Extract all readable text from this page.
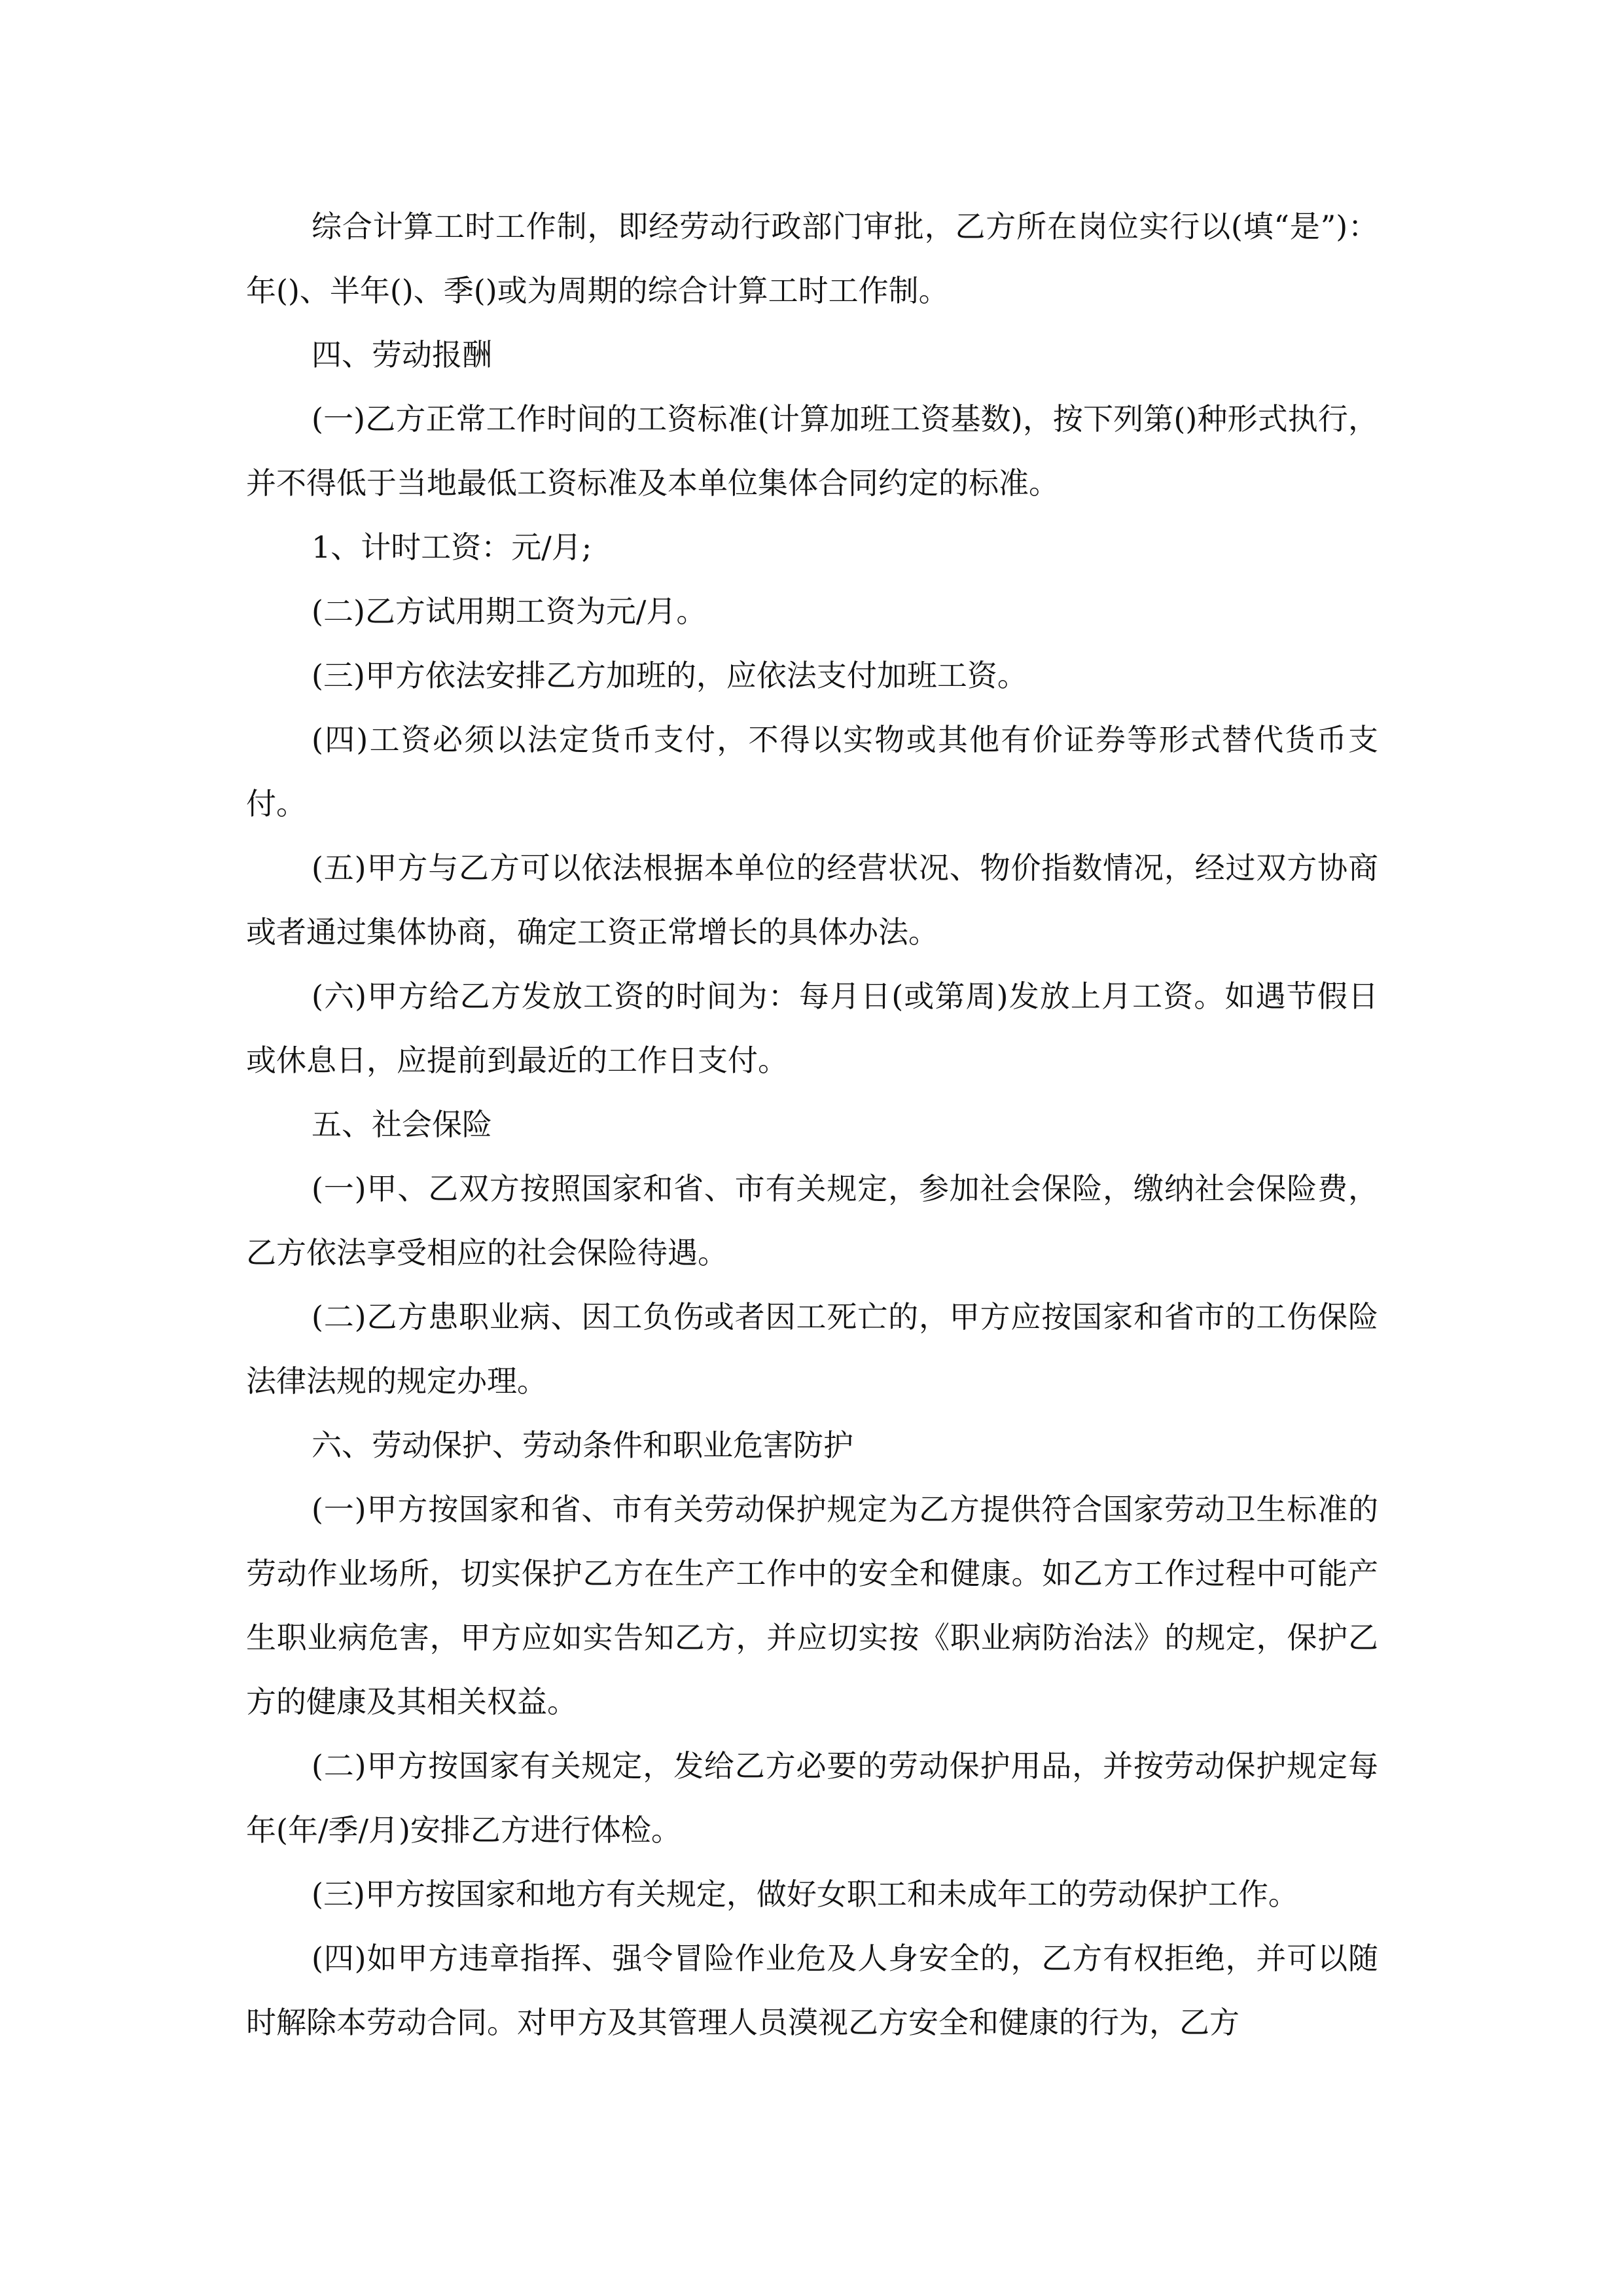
综合计算工时工作制，即经劳动行政部门审批，乙方所在岗位实行以(填“是”)：年()、半年()、季()或为周期的综合计算工时工作制。

四、劳动报酬

(一)乙方正常工作时间的工资标准(计算加班工资基数)，按下列第()种形式执行，并不得低于当地最低工资标准及本单位集体合同约定的标准。

1、计时工资：元/月;

(二)乙方试用期工资为元/月。

(三)甲方依法安排乙方加班的，应依法支付加班工资。

(四)工资必须以法定货币支付，不得以实物或其他有价证券等形式替代货币支付。

(五)甲方与乙方可以依法根据本单位的经营状况、物价指数情况，经过双方协商或者通过集体协商，确定工资正常增长的具体办法。

(六)甲方给乙方发放工资的时间为：每月日(或第周)发放上月工资。如遇节假日或休息日，应提前到最近的工作日支付。

五、社会保险

(一)甲、乙双方按照国家和省、市有关规定，参加社会保险，缴纳社会保险费，乙方依法享受相应的社会保险待遇。

(二)乙方患职业病、因工负伤或者因工死亡的，甲方应按国家和省市的工伤保险法律法规的规定办理。

六、劳动保护、劳动条件和职业危害防护

(一)甲方按国家和省、市有关劳动保护规定为乙方提供符合国家劳动卫生标准的劳动作业场所，切实保护乙方在生产工作中的安全和健康。如乙方工作过程中可能产生职业病危害，甲方应如实告知乙方，并应切实按《职业病防治法》的规定，保护乙方的健康及其相关权益。

(二)甲方按国家有关规定，发给乙方必要的劳动保护用品，并按劳动保护规定每年(年/季/月)安排乙方进行体检。

(三)甲方按国家和地方有关规定，做好女职工和未成年工的劳动保护工作。

(四)如甲方违章指挥、强令冒险作业危及人身安全的，乙方有权拒绝，并可以随时解除本劳动合同。对甲方及其管理人员漠视乙方安全和健康的行为，乙方
